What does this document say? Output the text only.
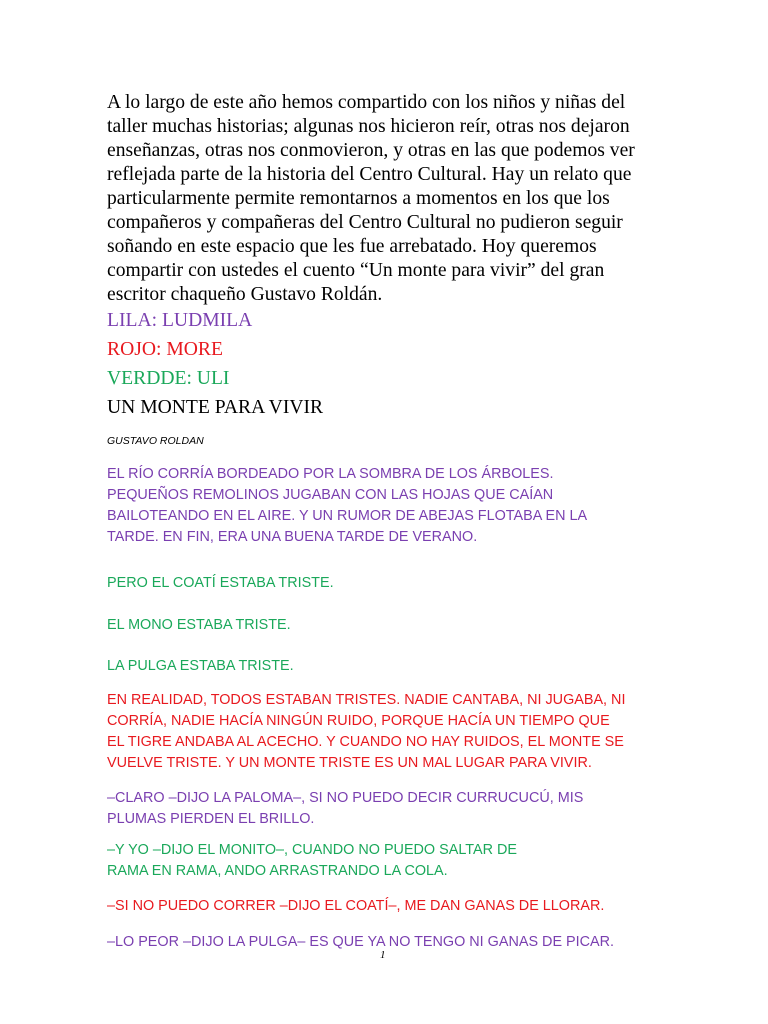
A lo largo de este año hemos compartido con los niños y niñas del
taller muchas historias; algunas nos hicieron reír, otras nos dejaron
enseñanzas, otras nos conmovieron, y otras en las que podemos ver
reflejada parte de la historia del Centro Cultural. Hay un relato que
particularmente permite remontarnos a momentos en los que los
compañeros y compañeras del Centro Cultural no pudieron seguir
soñando en este espacio que les fue arrebatado. Hoy queremos
compartir con ustedes el cuento “Un monte para vivir” del gran
escritor chaqueño Gustavo Roldán.

LILA: LUDMILA

ROJO: MORE

VERDDE: ULI

UN MONTE PARA VIVIR

GUSTAVO ROLDAN

EL RÍO CORRÍA BORDEADO POR LA SOMBRA DE LOS ÁRBOLES.
PEQUEÑOS REMOLINOS JUGABAN CON LAS HOJAS QUE CAÍAN
BAILOTEANDO EN EL AIRE. Y UN RUMOR DE ABEJAS FLOTABA EN LA
TARDE. EN FIN, ERA UNA BUENA TARDE DE VERANO.

PERO EL COATÍ ESTABA TRISTE.

EL MONO ESTABA TRISTE.

LA PULGA ESTABA TRISTE.

EN REALIDAD, TODOS ESTABAN TRISTES. NADIE CANTABA, NI JUGABA, NI
CORRÍA, NADIE HACÍA NINGÚN RUIDO, PORQUE HACÍA UN TIEMPO QUE
EL TIGRE ANDABA AL ACECHO. Y CUANDO NO HAY RUIDOS, EL MONTE SE
VUELVE TRISTE. Y UN MONTE TRISTE ES UN MAL LUGAR PARA VIVIR.

–CLARO –DIJO LA PALOMA–, SI NO PUEDO DECIR CURRUCUCÚ, MIS
PLUMAS PIERDEN EL BRILLO.

–Y YO –DIJO EL MONITO–, CUANDO NO PUEDO SALTAR DE
RAMA EN RAMA, ANDO ARRASTRANDO LA COLA.

–SI NO PUEDO CORRER –DIJO EL COATÍ–, ME DAN GANAS DE LLORAR.

–LO PEOR –DIJO LA PULGA– ES QUE YA NO TENGO NI GANAS DE PICAR.

1
